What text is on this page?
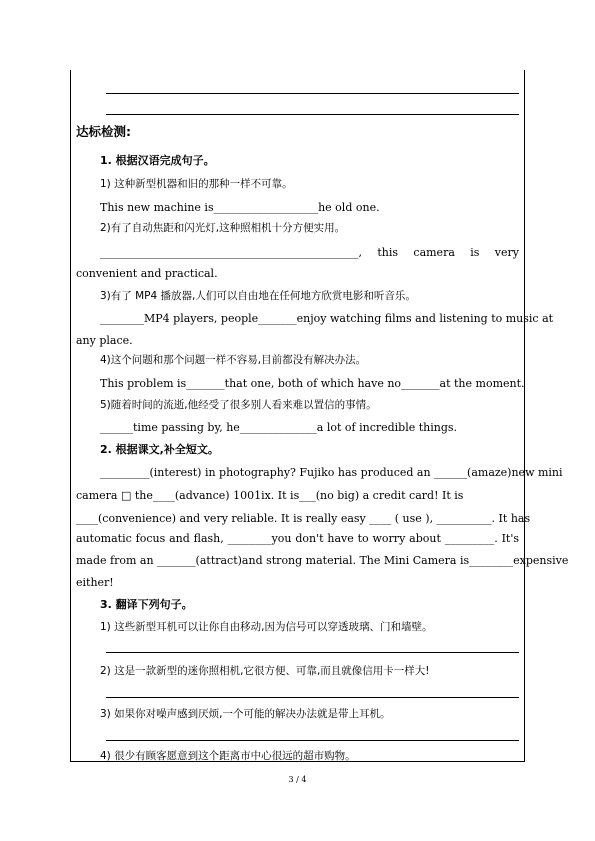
达标检测:
1. 根据汉语完成句子。
1) 这种新型机器和旧的那种一样不可靠。
This new machine is___________________he old one.
2)有了自动焦距和闪光灯,这种照相机十分方便实用。
_______________________________________________, this camera is very
convenient and practical.
3)有了 MP4 播放器,人们可以自由地在任何地方欣赏电影和听音乐。
________MP4 players, people_______enjoy watching films and listening to music at
any place.
4)这个问题和那个问题一样不容易,目前都没有解决办法。
This problem is_______that one, both of which have no_______at the moment.
5)随着时间的流逝,他经受了很多别人看来难以置信的事情。
______time passing by, he______________a lot of incredible things.
2. 根据课文,补全短文。
_________(interest) in photography? Fujiko has produced an ______(amaze)new mini
camera □ the____(advance) 1001ix. It is___(no big) a credit card! It is
____(convenience) and very reliable. It is really easy ____ ( use ), __________. It has
automatic focus and flash, ________you don't have to worry about _________. It's
made from an _______(attract)and strong material. The Mini Camera is________expensive
either!
3. 翻译下列句子。
1) 这些新型耳机可以让你自由移动,因为信号可以穿透玻璃、门和墙壁。
2) 这是一款新型的迷你照相机,它很方便、可靠,而且就像信用卡一样大!
3) 如果你对噪声感到厌烦,一个可能的解决办法就是带上耳机。
4) 很少有顾客愿意到这个距离市中心很远的超市购物。
3 / 4
